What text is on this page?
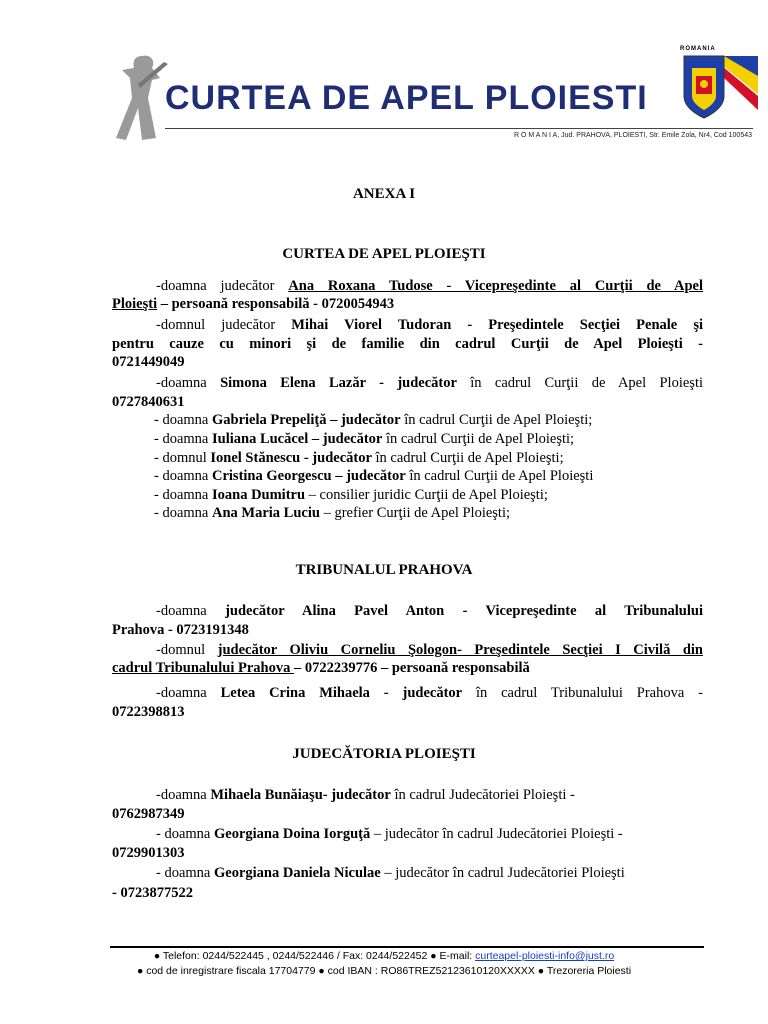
CURTEA DE APEL PLOIESTI
ROMANIA
R O M A N I A, Jud. PRAHOVA, PLOIESTI, Str. Emile Zola, Nr4, Cod 100543
ANEXA I
CURTEA DE APEL PLOIEŞTI
-doamna judecător Ana Roxana Tudose - Vicepreşedinte al Curţii de Apel
Ploieşti – persoană responsabilă - 0720054943
-domnul judecător Mihai Viorel Tudoran - Preşedintele Secţiei Penale şi
pentru cauze cu minori şi de familie din cadrul Curţii de Apel Ploieşti -
0721449049
-doamna Simona Elena Lazăr - judecător în cadrul Curţii de Apel Ploieşti
0727840631
- doamna Gabriela Prepeliţă – judecător în cadrul Curţii de Apel Ploieşti;
- doamna Iuliana Lucăcel – judecător în cadrul Curţii de Apel Ploieşti;
- domnul Ionel Stănescu - judecător în cadrul Curţii de Apel Ploieşti;
- doamna Cristina Georgescu – judecător în cadrul Curţii de Apel Ploieşti
- doamna Ioana Dumitru – consilier juridic Curţii de Apel Ploieşti;
- doamna Ana Maria Luciu – grefier Curţii de Apel Ploieşti;
TRIBUNALUL PRAHOVA
-doamna judecător Alina Pavel Anton - Vicepreşedinte al Tribunalului
Prahova - 0723191348
-domnul judecător Oliviu Corneliu Şologon- Preşedintele Secţiei I Civilă din
cadrul Tribunalului Prahova – 0722239776 – persoană responsabilă
-doamna Letea Crina Mihaela - judecător în cadrul Tribunalului Prahova -
0722398813
JUDECĂTORIA PLOIEŞTI
-doamna Mihaela Bunăiaşu- judecător în cadrul Judecătoriei Ploieşti -
0762987349
- doamna Georgiana Doina Iorguţă – judecător în cadrul Judecătoriei Ploieşti -
0729901303
- doamna Georgiana Daniela Niculae – judecător în cadrul Judecătoriei Ploieşti
- 0723877522
● Telefon: 0244/522445 , 0244/522446 / Fax: 0244/522452 ● E-mail: curteapel-ploiesti-info@just.ro
● cod de inregistrare fiscala 17704779 ● cod IBAN : RO86TREZ52123610120XXXXX ● Trezoreria Ploiesti
